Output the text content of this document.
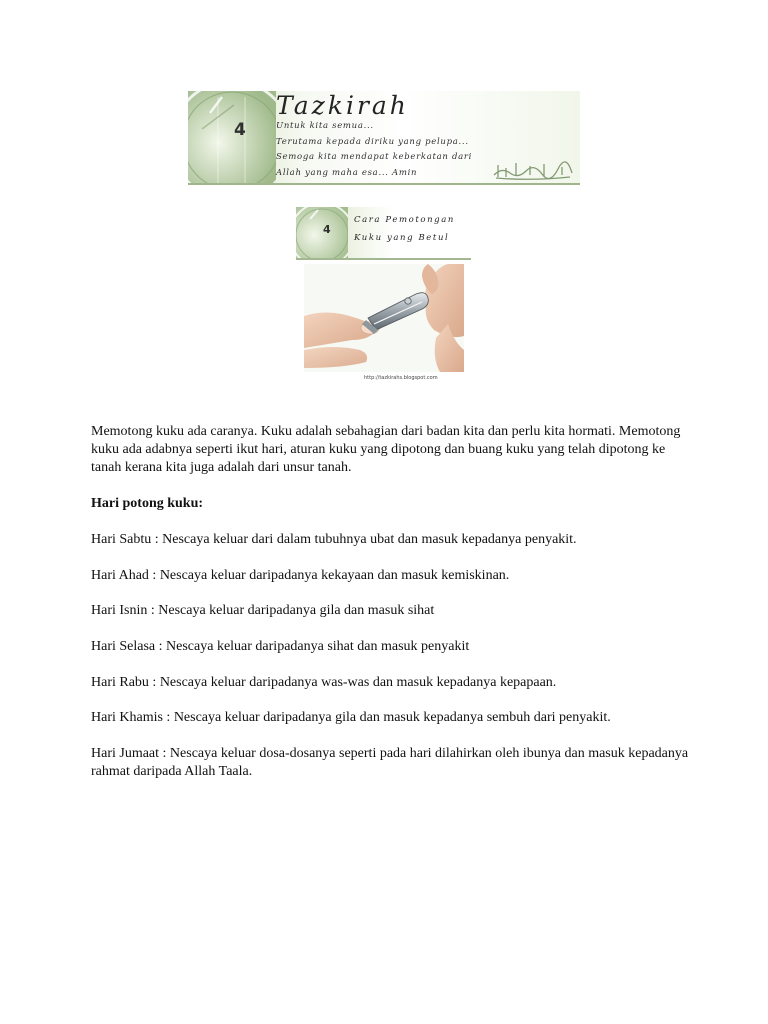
4
Tazkirah
Untuk kita semua...
Terutama kepada diriku yang pelupa...
Semoga kita mendapat keberkatan dari
Allah yang maha esa... Amin
4
Cara Pemotongan
Kuku yang Betul
http://tazkirahs.blogspot.com
Memotong kuku ada caranya. Kuku adalah sebahagian dari badan kita dan perlu kita hormati. Memotong kuku ada adabnya seperti ikut hari, aturan kuku yang dipotong dan buang kuku yang telah dipotong ke tanah kerana kita juga adalah dari unsur tanah.
Hari potong kuku:
Hari Sabtu : Nescaya keluar dari dalam tubuhnya ubat dan masuk kepadanya penyakit.
Hari Ahad : Nescaya keluar daripadanya kekayaan dan masuk kemiskinan.
Hari Isnin : Nescaya keluar daripadanya gila dan masuk sihat
Hari Selasa : Nescaya keluar daripadanya sihat dan masuk penyakit
Hari Rabu : Nescaya keluar daripadanya was-was dan masuk kepadanya kepapaan.
Hari Khamis : Nescaya keluar daripadanya gila dan masuk kepadanya sembuh dari penyakit.
Hari Jumaat : Nescaya keluar dosa-dosanya seperti pada hari dilahirkan oleh ibunya dan masuk kepadanya rahmat daripada Allah Taala.
